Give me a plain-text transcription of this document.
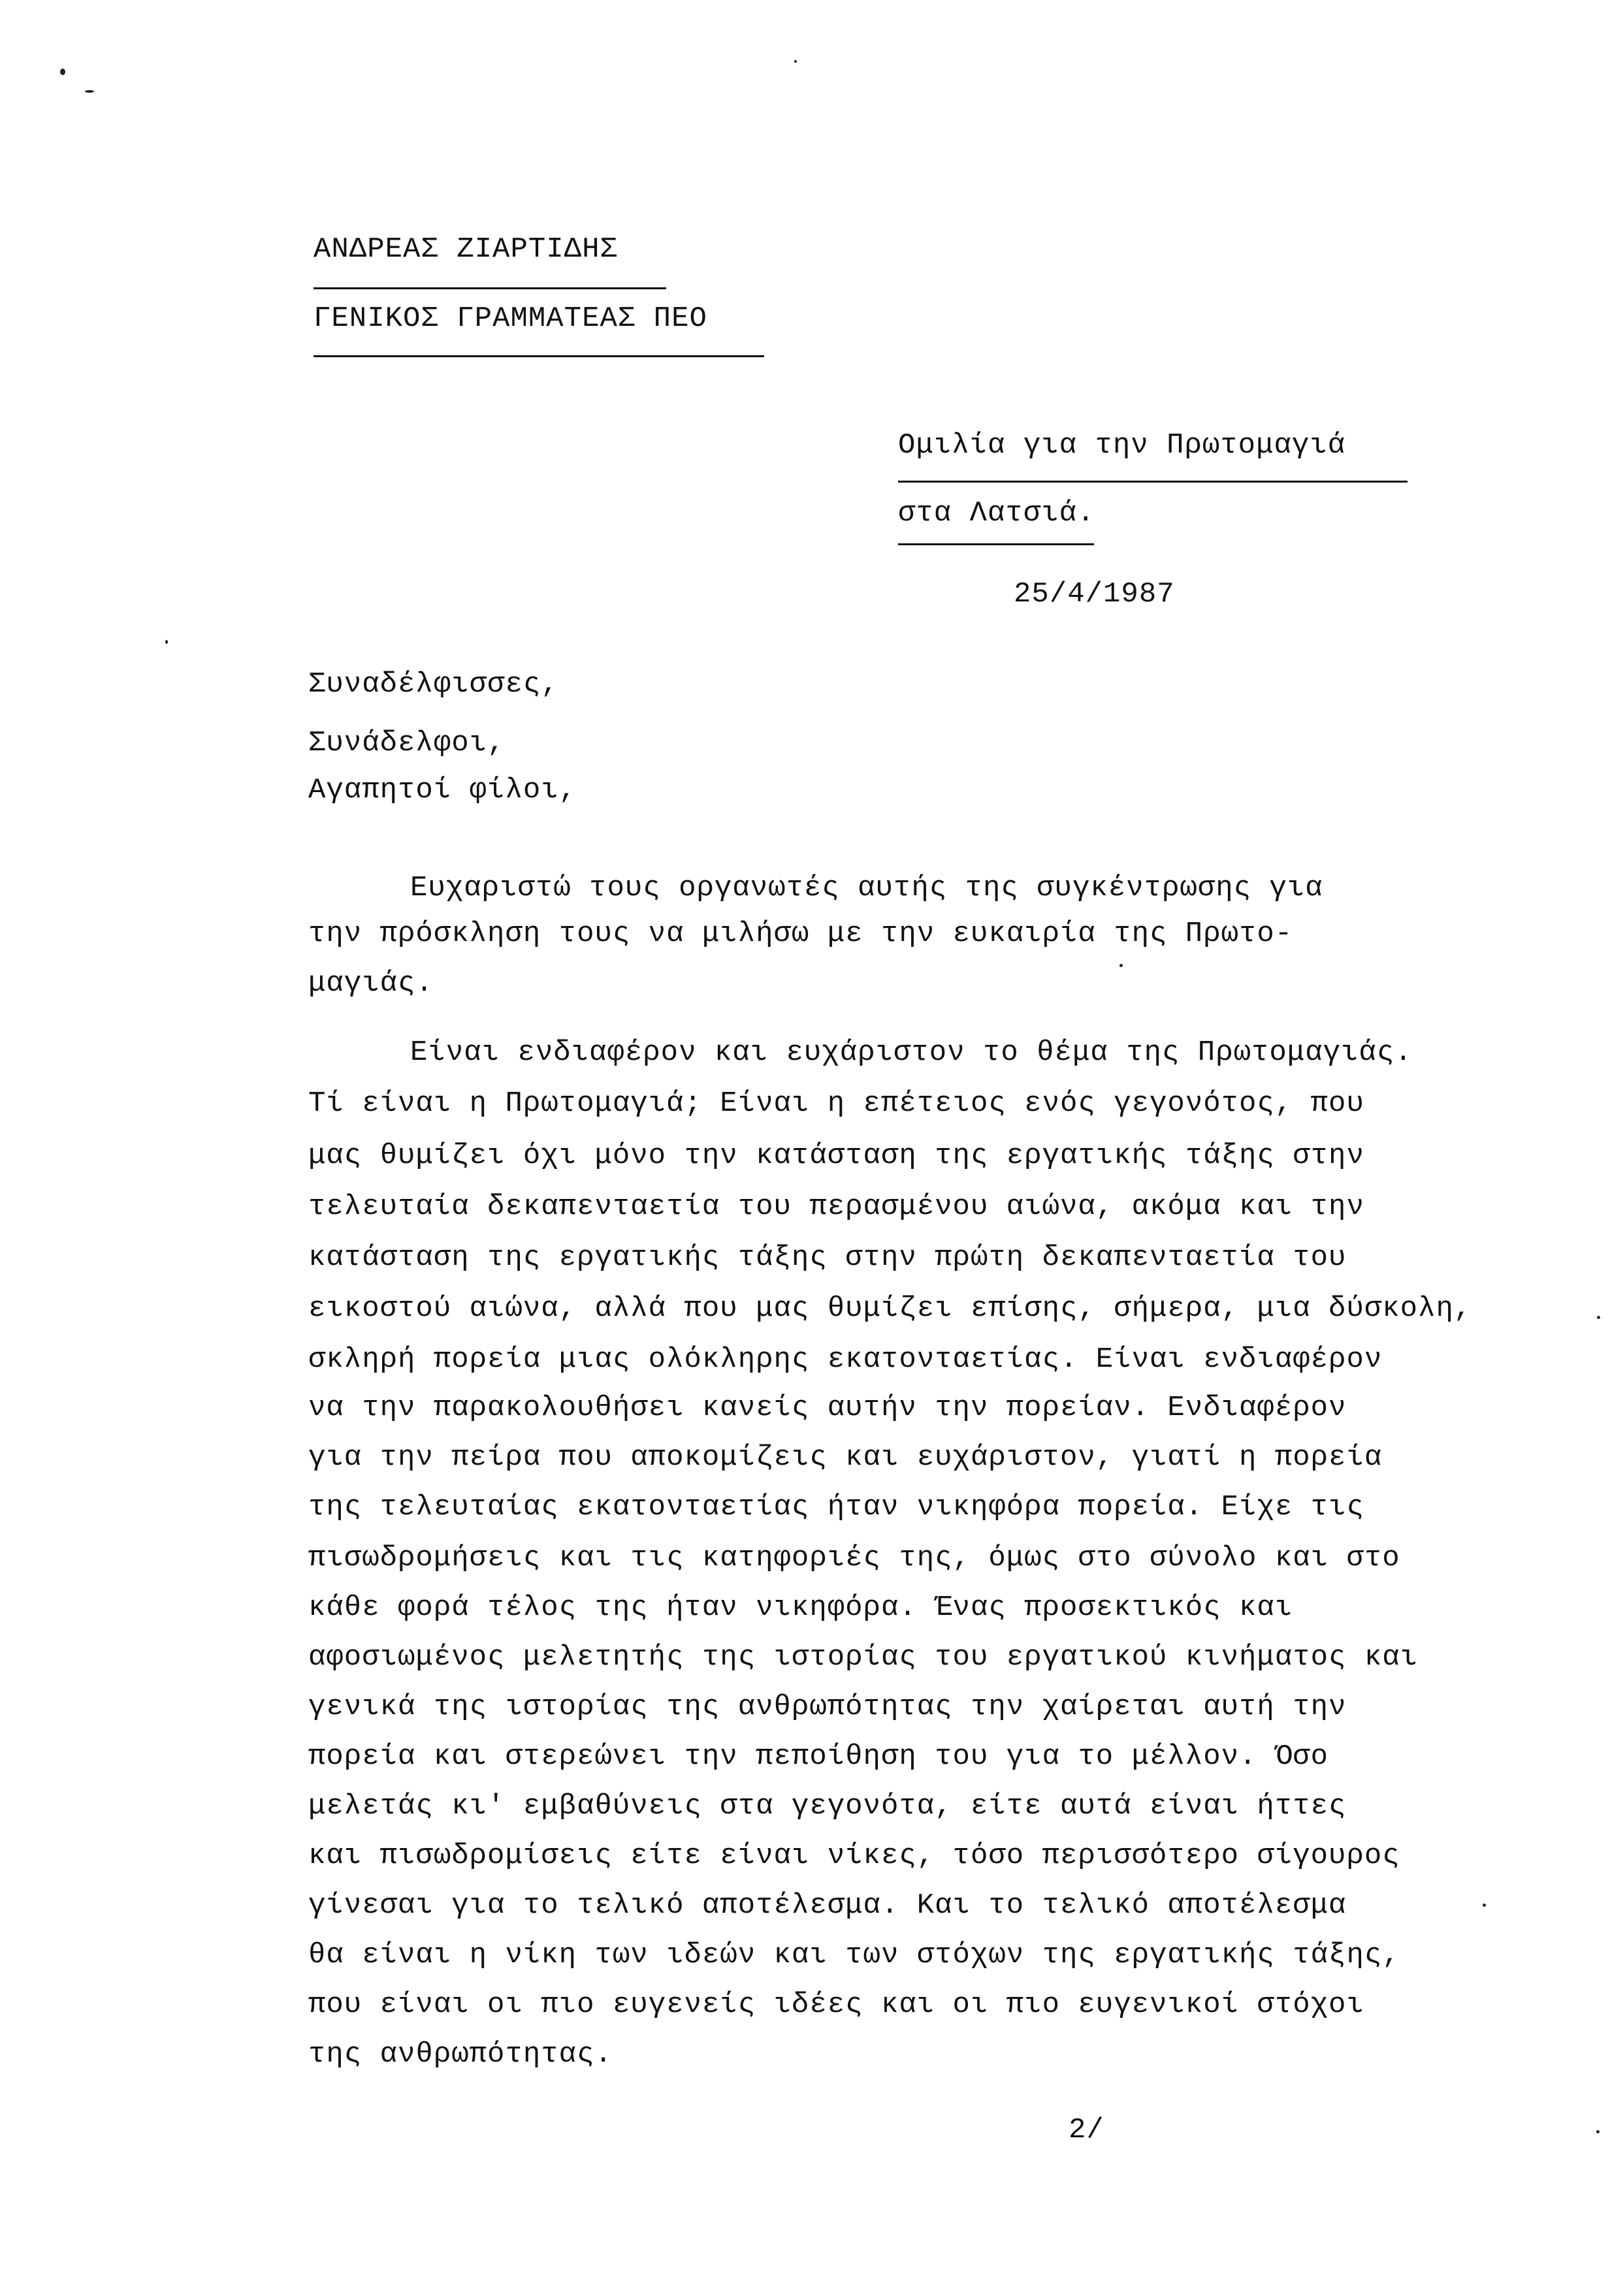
ΑΝΔΡΕΑΣ ΖΙΑΡΤΙΔΗΣ
ΓΕΝΙΚΟΣ ΓΡΑΜΜΑΤΕΑΣ ΠΕΟ
Ομιλία για την Πρωτομαγιά
στα Λατσιά.
25/4/1987
Συναδέλφισσες,
Συνάδελφοι,
Αγαπητοί φίλοι,
Ευχαριστώ τους οργανωτές αυτής της συγκέντρωσης για
την πρόσκληση τους να μιλήσω με την ευκαιρία της Πρωτο-
μαγιάς.
Είναι ενδιαφέρον και ευχάριστον το θέμα της Πρωτομαγιάς.
Τί είναι η Πρωτομαγιά; Είναι η επέτειος ενός γεγονότος, που
μας θυμίζει όχι μόνο την κατάσταση της εργατικής τάξης στην
τελευταία δεκαπενταετία του περασμένου αιώνα, ακόμα και την
κατάσταση της εργατικής τάξης στην πρώτη δεκαπενταετία του
εικοστού αιώνα, αλλά που μας θυμίζει επίσης, σήμερα, μια δύσκολη,
σκληρή πορεία μιας ολόκληρης εκατονταετίας. Είναι ενδιαφέρον
να την παρακολουθήσει κανείς αυτήν την πορείαν. Ενδιαφέρον
για την πείρα που αποκομίζεις και ευχάριστον, γιατί η πορεία
της τελευταίας εκατονταετίας ήταν νικηφόρα πορεία. Είχε τις
πισωδρομήσεις και τις κατηφοριές της, όμως στο σύνολο και στο
κάθε φορά τέλος της ήταν νικηφόρα. Ένας προσεκτικός και
αφοσιωμένος μελετητής της ιστορίας του εργατικού κινήματος και
γενικά της ιστορίας της ανθρωπότητας την χαίρεται αυτή την
πορεία και στερεώνει την πεποίθηση του για το μέλλον. Όσο
μελετάς κι' εμβαθύνεις στα γεγονότα, είτε αυτά είναι ήττες
και πισωδρομίσεις είτε είναι νίκες, τόσο περισσότερο σίγουρος
γίνεσαι για το τελικό αποτέλεσμα. Και το τελικό αποτέλεσμα
θα είναι η νίκη των ιδεών και των στόχων της εργατικής τάξης,
που είναι οι πιο ευγενείς ιδέες και οι πιο ευγενικοί στόχοι
της ανθρωπότητας.
2/
